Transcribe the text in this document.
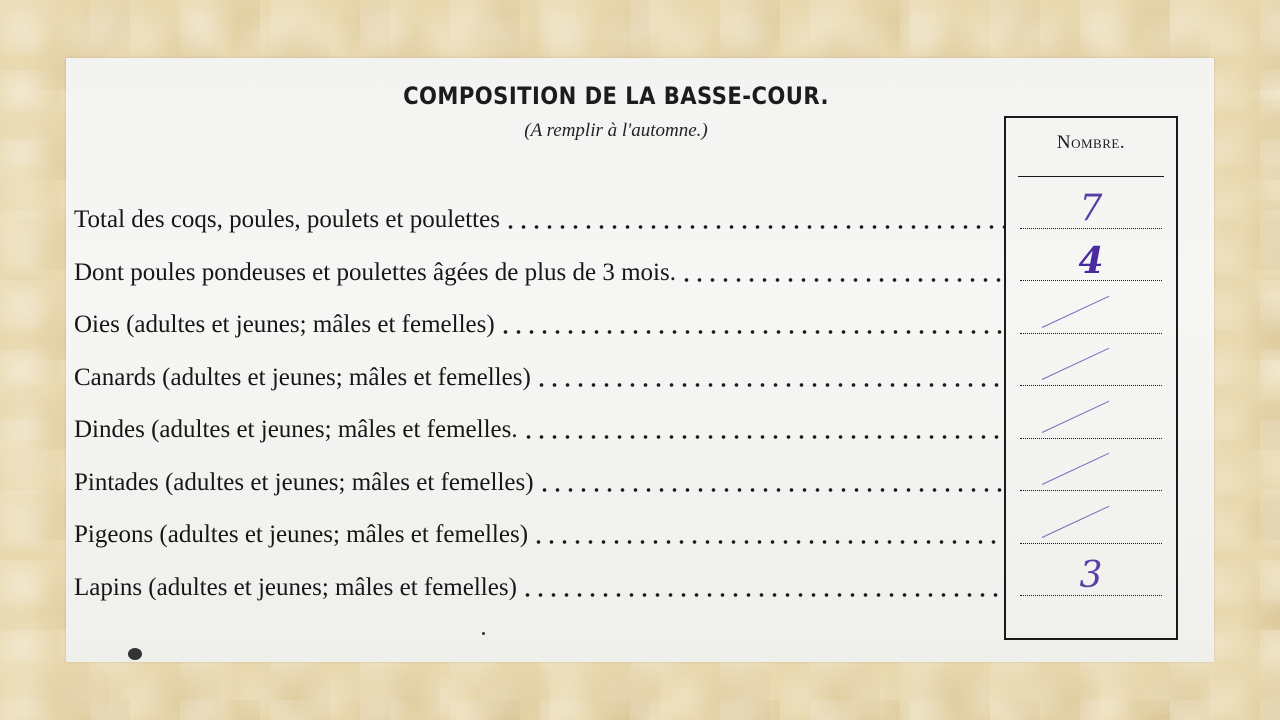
COMPOSITION DE LA BASSE-COUR.
(A remplir à l'automne.)
Total des coqs, poules, poulets et poulettes
Dont poules pondeuses et poulettes âgées de plus de 3 mois.
Oies (adultes et jeunes; mâles et femelles)
Canards (adultes et jeunes; mâles et femelles)
Dindes (adultes et jeunes; mâles et femelles.
Pintades (adultes et jeunes; mâles et femelles)
Pigeons (adultes et jeunes; mâles et femelles)
Lapins (adultes et jeunes; mâles et femelles)
Nombre.
7
4
3
